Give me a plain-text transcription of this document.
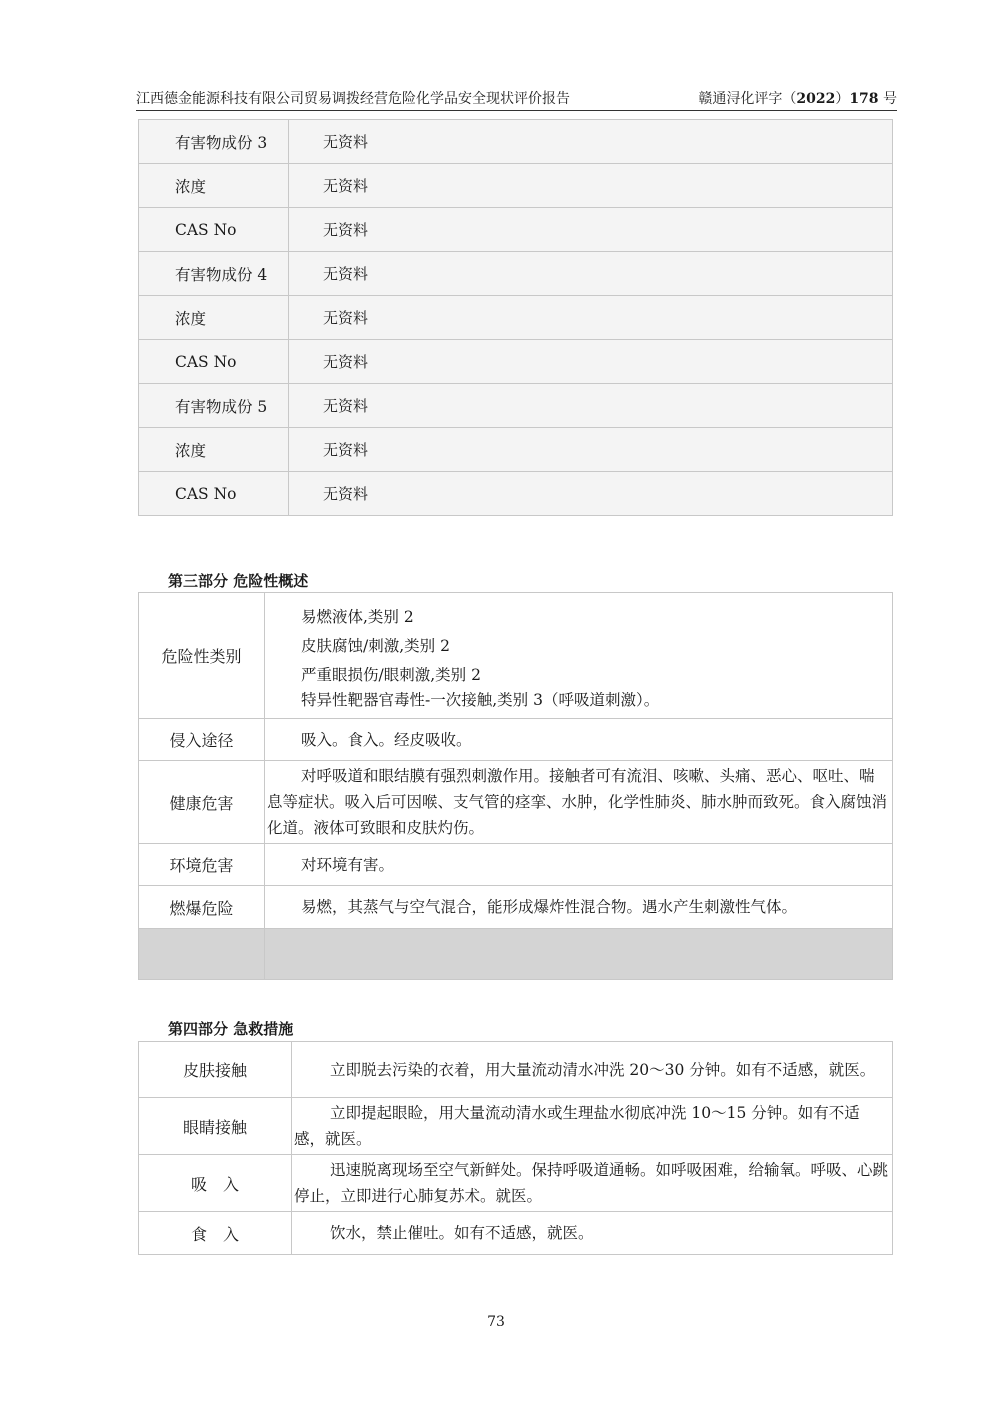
江西德金能源科技有限公司贸易调拨经营危险化学品安全现状评价报告	赣通浔化评字（2022）178 号
有害物成份 3	无资料
浓度	无资料
CAS No	无资料
有害物成份 4	无资料
浓度	无资料
CAS No	无资料
有害物成份 5	无资料
浓度	无资料
CAS No	无资料
第三部分 危险性概述
危险性类别	易燃液体,类别 2
皮肤腐蚀/刺激,类别 2
严重眼损伤/眼刺激,类别 2
特异性靶器官毒性-一次接触,类别 3（呼吸道刺激）。

侵入途径	吸入。食入。经皮吸收。
健康危害	对呼吸道和眼结膜有强烈刺激作用。接触者可有流泪、咳嗽、头痛、恶心、呕吐、喘息等症状。吸入后可因喉、支气管的痉挛、水肿，化学性肺炎、肺水肿而致死。食入腐蚀消化道。液体可致眼和皮肤灼伤。
环境危害	对环境有害。
燃爆危险	易燃，其蒸气与空气混合，能形成爆炸性混合物。遇水产生刺激性气体。

第四部分 急救措施
皮肤接触	立即脱去污染的衣着，用大量流动清水冲洗 20～30 分钟。如有不适感，就医。
眼睛接触	立即提起眼睑，用大量流动清水或生理盐水彻底冲洗 10～15 分钟。如有不适感，就医。
吸　入	迅速脱离现场至空气新鲜处。保持呼吸道通畅。如呼吸困难，给输氧。呼吸、心跳停止，立即进行心肺复苏术。就医。
食　入	饮水，禁止催吐。如有不适感，就医。
73
